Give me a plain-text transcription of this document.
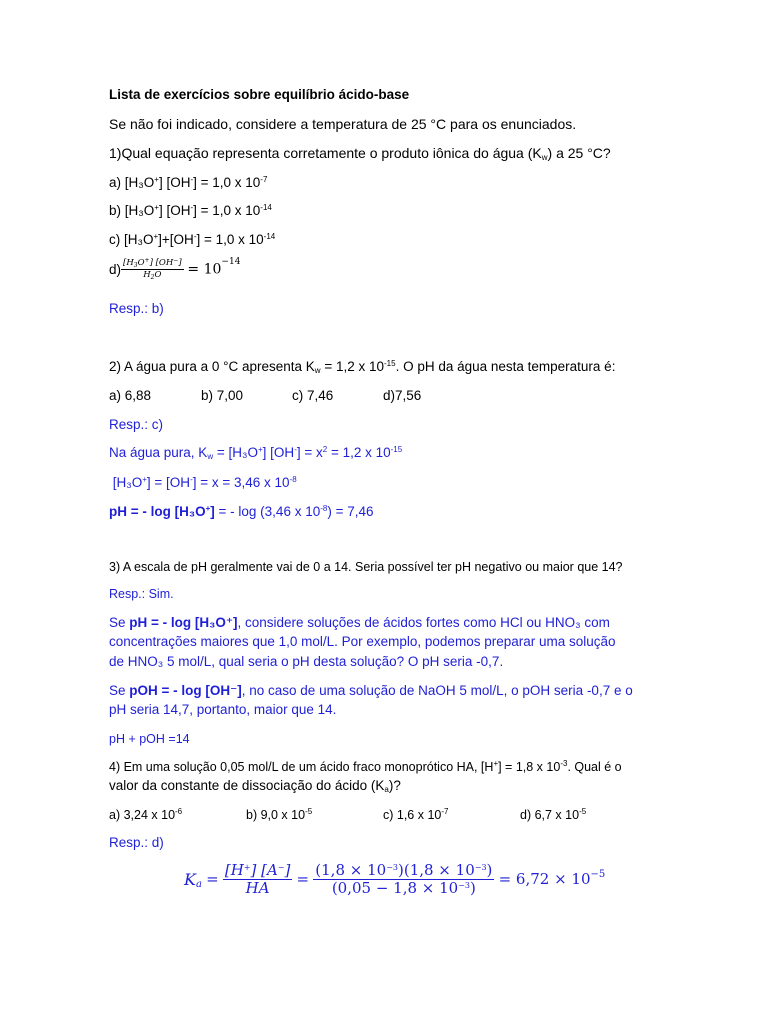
Lista de exercícios sobre equilíbrio ácido-base
Se não foi indicado, considere a temperatura de 25 °C para os enunciados.
1)Qual equação representa corretamente o produto iônica do água $(K_w)$ a 25 °C?
a) [H₃O+] [OH-] = 1,0 x $10^{-7}$
b) [H₃O+] [OH-] = 1,0 x $10^{-14}$
c) [H₃O+]+[OH-] = 1,0 x $10^{-14}$
$d) \frac{[H_3O^+] [OH^-]}{H_2O} = 10^{-14}$
Resp.: b)
2) A água pura a 0 °C apresenta $K_w = 1,2$ x $10^{-15}$. O pH da água nesta temperatura é:
a) 6,88	b) 7,00	c) 7,46	d)7,56
Resp.: c)
Na água pura, $K_w = [H_3O^+] [OH^-] = x^2 = 1,2$ x $10^{-15}$
[H₃O+] = [OH-] = x = 3,46 x $10^{-8}$
pH = - log [H₃O+] = - log (3,46 x $10^{-8}) = 7,46$
3) A escala de pH geralmente vai de 0 a 14. Seria possível ter pH negativo ou maior que 14?
Resp.: Sim.
Se pH = - log [H₃O⁺], considere soluções de ácidos fortes como HCl ou HNO₃ com
concentrações maiores que 1,0 mol/L. Por exemplo, podemos preparar uma solução
de HNO₃ 5 mol/L, qual seria o pH desta solução? O pH seria -0,7.
Se pOH = - log [OH⁻], no caso de uma solução de NaOH 5 mol/L, o pOH seria -0,7 e o
pH seria 14,7, portanto, maior que 14.
pH + pOH =14
4) Em uma solução 0,05 mol/L de um ácido fraco monoprótico HA, [H+] = 1,8 x $10^{-3}$. Qual é o
valor da constante de dissociação do ácido $(K_a)$?
a) 3,24 x $10^{-6}$	b) 9,0 x $10^{-5}$	c) 1,6 x $10^{-7}$	d) 6,7 x $10^{-5}$
Resp.: d)
$K_a = \frac{[H^+] [A^-]}{HA} = \frac{(1,8 \times 10^{-3})(1,8 \times 10^{-3})}{(0,05 - 1,8 \times 10^{-3})} = 6,72 \times 10^{-5}$
